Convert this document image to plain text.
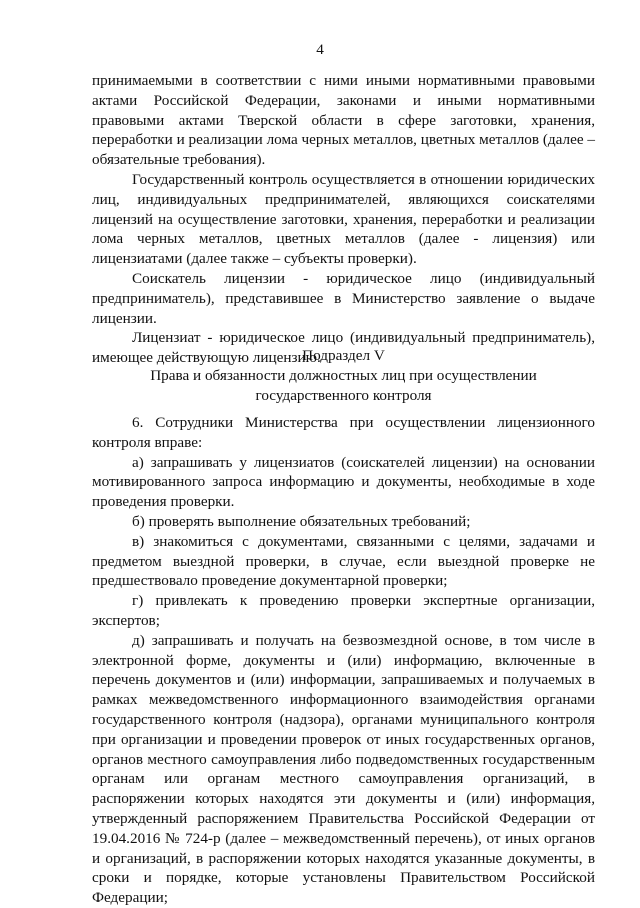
4

принимаемыми в соответствии с ними иными нормативными правовыми актами Российской Федерации, законами и иными нормативными правовыми актами Тверской области в сфере заготовки, хранения, переработки и реализации лома черных металлов, цветных металлов (далее – обязательные требования).

Государственный контроль осуществляется в отношении юридических лиц, индивидуальных предпринимателей, являющихся соискателями лицензий на осуществление заготовки, хранения, переработки и реализации лома черных металлов, цветных металлов (далее - лицензия) или лицензиатами (далее также – субъекты проверки).

Соискатель лицензии - юридическое лицо (индивидуальный предприниматель), представившее в Министерство заявление о выдаче лицензии.

Лицензиат - юридическое лицо (индивидуальный предприниматель), имеющее действующую лицензию.

Подраздел V
Права и обязанности должностных лиц при осуществлении
государственного контроля

6. Сотрудники Министерства при осуществлении лицензионного контроля вправе:

а) запрашивать у лицензиатов (соискателей лицензии) на основании мотивированного запроса информацию и документы, необходимые в ходе проведения проверки.

б) проверять выполнение обязательных требований;

в) знакомиться с документами, связанными с целями, задачами и предметом выездной проверки, в случае, если выездной проверке не предшествовало проведение документарной проверки;

г) привлекать к проведению проверки экспертные организации, экспертов;

д) запрашивать и получать на безвозмездной основе, в том числе в электронной форме, документы и (или) информацию, включенные в перечень документов и (или) информации, запрашиваемых и получаемых в рамках межведомственного информационного взаимодействия органами государственного контроля (надзора), органами муниципального контроля при организации и проведении проверок от иных государственных органов, органов местного самоуправления либо подведомственных государственным органам или органам местного самоуправления организаций, в распоряжении которых находятся эти документы и (или) информация, утвержденный распоряжением Правительства Российской Федерации от 19.04.2016 № 724-р (далее – межведомственный перечень), от иных органов и организаций, в распоряжении которых находятся указанные документы, в сроки и порядке, которые установлены Правительством Российской Федерации;
